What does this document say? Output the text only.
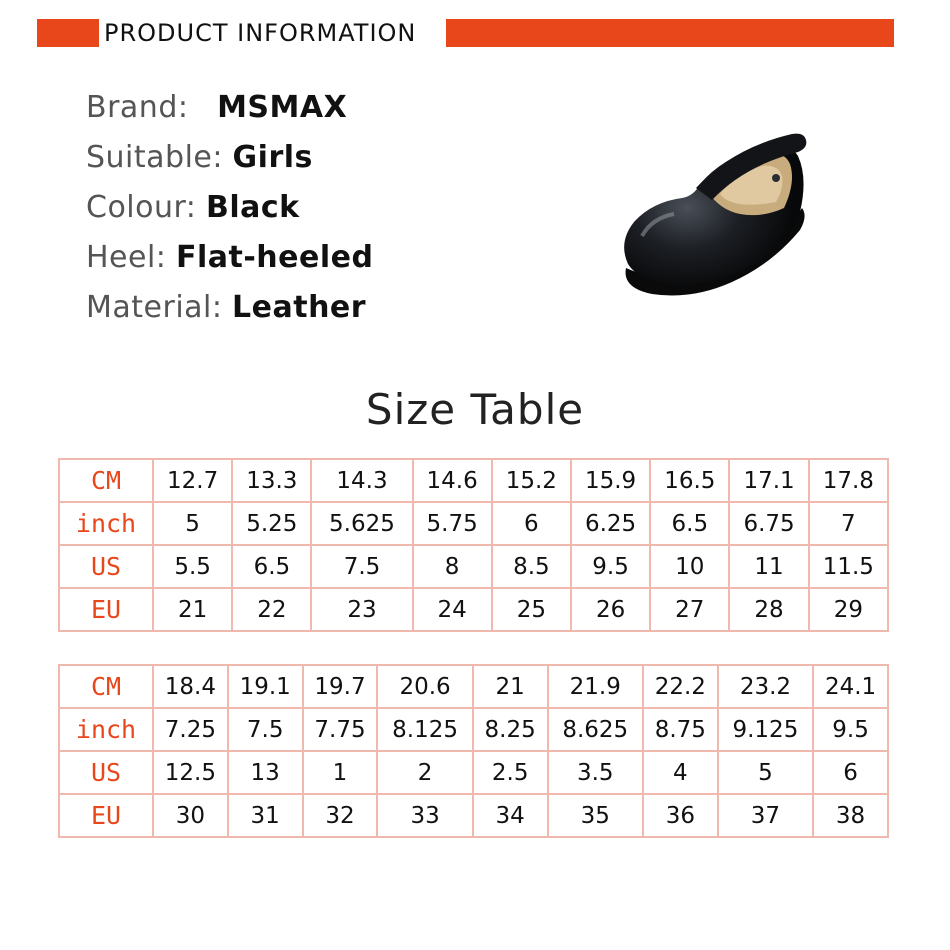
PRODUCT INFORMATION
Brand: MSMAX
Suitable: Girls
Colour: Black
Heel: Flat-heeled
Material: Leather
Size Table
CM	12.7	13.3	14.3	14.6	15.2	15.9	16.5	17.1	17.8
inch	5	5.25	5.625	5.75	6	6.25	6.5	6.75	7
US	5.5	6.5	7.5	8	8.5	9.5	10	11	11.5
EU	21	22	23	24	25	26	27	28	29
CM	18.4	19.1	19.7	20.6	21	21.9	22.2	23.2	24.1
inch	7.25	7.5	7.75	8.125	8.25	8.625	8.75	9.125	9.5
US	12.5	13	1	2	2.5	3.5	4	5	6
EU	30	31	32	33	34	35	36	37	38
